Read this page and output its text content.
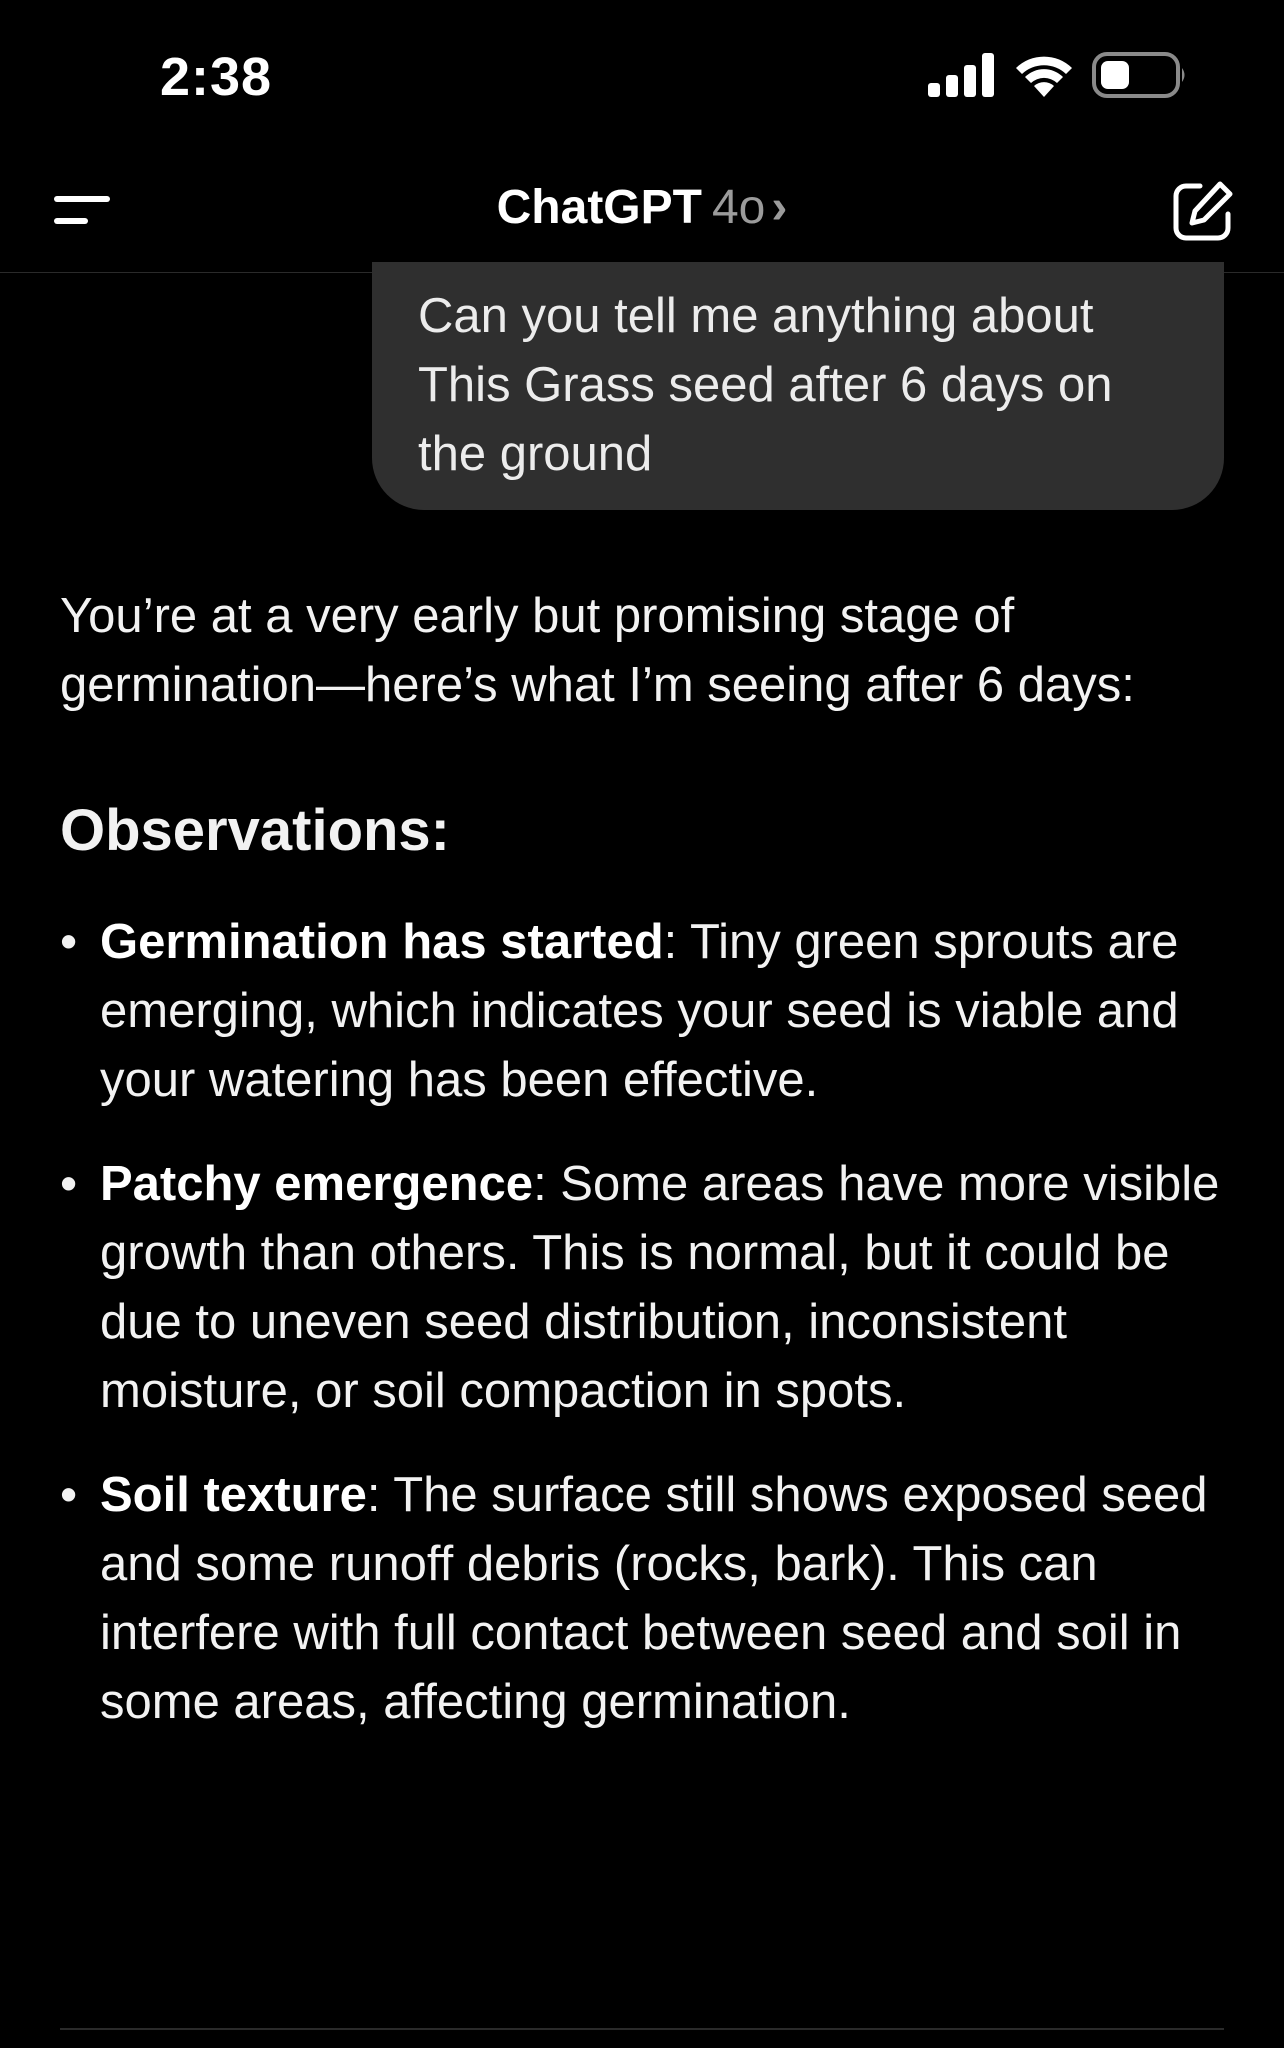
2:38
ChatGPT 4o ›
Can you tell me anything about This Grass seed after 6 days on the ground

You’re at a very early but promising stage of germination—here’s what I’m seeing after 6 days:

Observations:
• Germination has started: Tiny green sprouts are emerging, which indicates your seed is viable and your watering has been effective.
• Patchy emergence: Some areas have more visible growth than others. This is normal, but it could be due to uneven seed distribution, inconsistent moisture, or soil compaction in spots.
• Soil texture: The surface still shows exposed seed and some runoff debris (rocks, bark). This can interfere with full contact between seed and soil in some areas, affecting germination.
